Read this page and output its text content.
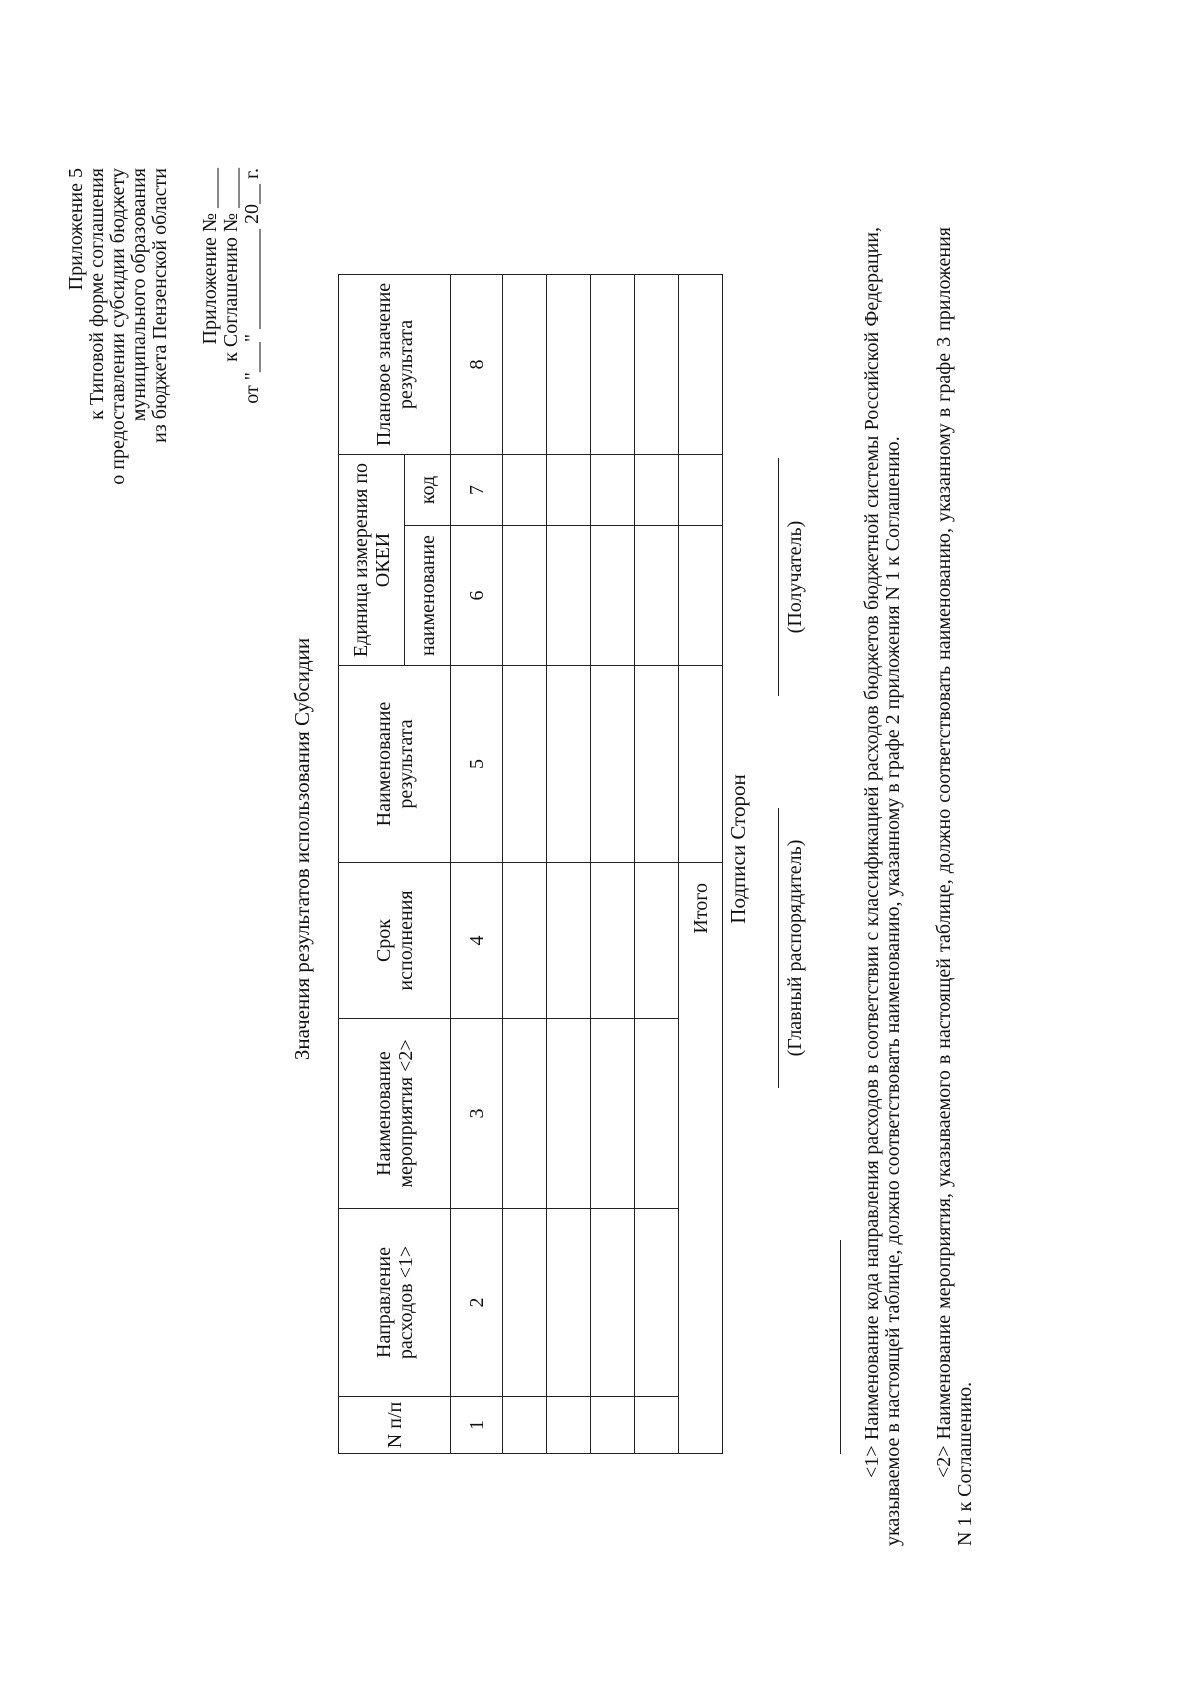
Приложение 5 к Типовой форме соглашения о предоставлении субсидии бюджету муниципального образования из бюджета Пензенской области Приложение № ____ к Соглашению № ____ от "___" __________ 20__ г.
Значения результатов использования Субсидии
N п/п	Направление расходов <1>	Наименование мероприятия <2>	Срок исполнения	Наименование результата	Единица измерения по ОКЕИ		Плановое значение результата
					наименование	код	
1	2	3	4	5	6	7	8

Итого							Подписи Сторон (Главный распорядитель)
(Получатель)	<1> Наименование кода направления расходов в соответствии с классификацией расходов бюджетов бюджетной системы Российской Федерации, указываемое в настоящей таблице, должно соответствовать наименованию, указанному в графе 2 приложения N 1 к Соглашению. <2> Наименование мероприятия, указываемого в настоящей таблице, должно соответствовать наименованию, указанному в графе 3 приложения N 1 к Соглашению.
